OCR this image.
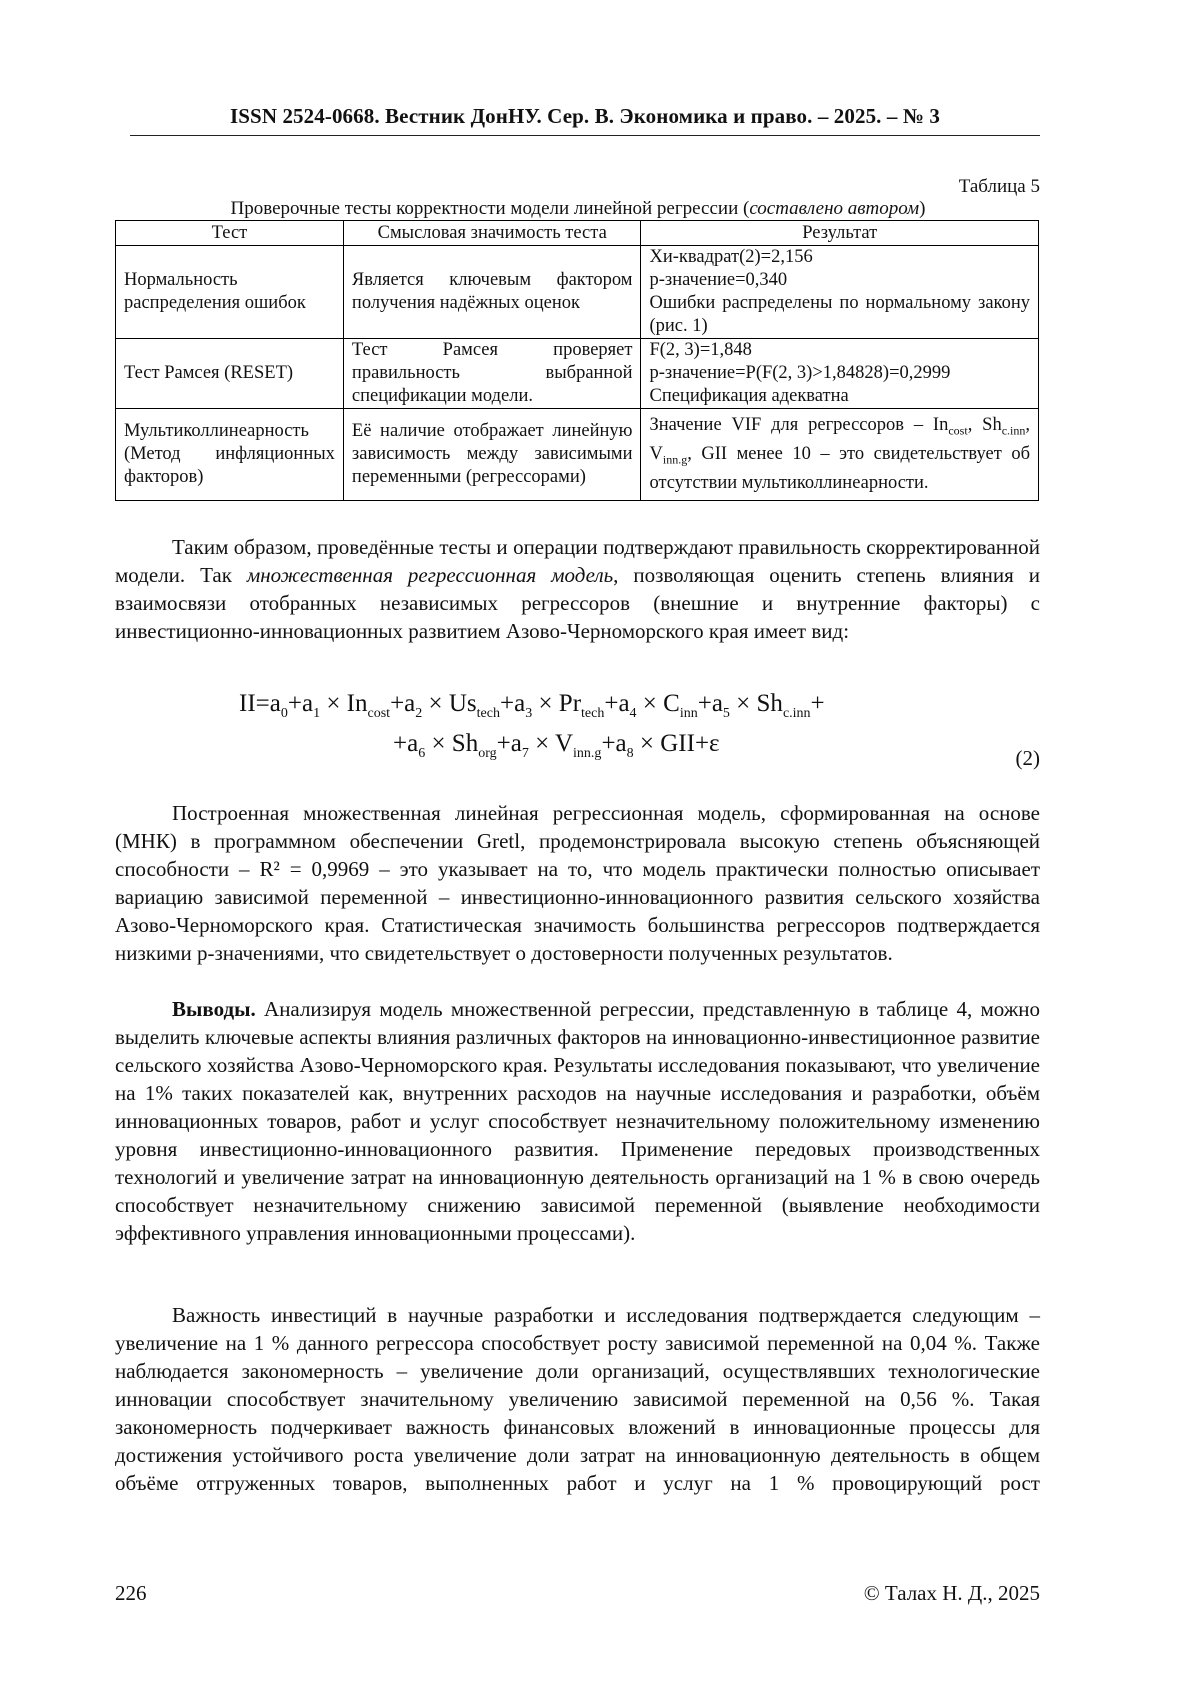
ISSN 2524-0668. Вестник ДонНУ. Сер. В. Экономика и право. – 2025. – № 3
Таблица 5
Проверочные тесты корректности модели линейной регрессии (составлено автором)
Тест	Смысловая значимость теста	Результат
Нормальность распределения ошибок	Является ключевым фактором получения надёжных оценок	Хи-квадрат(2)=2,156
p-значение=0,340
Ошибки распределены по нормальному закону (рис. 1)

Тест Рамсея (RESET)	Тест Рамсея проверяет правильность выбранной спецификации модели.	F(2, 3)=1,848
p-значение=P(F(2, 3)>1,84828)=0,2999
Спецификация адекватна

Мультиколлинеарность (Метод инфляционных факторов)	Её наличие отображает линейную зависимость между зависимыми переменными (регрессорами)	Значение VIF для регрессоров – $In_{cost}$, $Sh_{c.inn}$, $V_{inn.g}$, GII менее 10 – это свидетельствует об отсутствии мультиколлинеарности.

Таким образом, проведённые тесты и операции подтверждают правильность скорректированной модели. Так множественная регрессионная модель, позволяющая оценить степень влияния и взаимосвязи отобранных независимых регрессоров (внешние и внутренние факторы) с инвестиционно-инновационных развитием Азово-Черноморского края имеет вид:

$II=a_0+a_1 \times In_{cost}+a_2 \times Us_{tech}+a_3 \times Pr_{tech}+a_4 \times C_{inn}+a_5 \times Sh_{c.inn}+$
$+a_6 \times Sh_{org}+a_7 \times V_{inn.g}+a_8 \times GII+\varepsilon$
(2)

Построенная множественная линейная регрессионная модель, сформированная на основе (МНК) в программном обеспечении Gretl, продемонстрировала высокую степень объясняющей способности – R² = 0,9969 – это указывает на то, что модель практически полностью описывает вариацию зависимой переменной – инвестиционно-инновационного развития сельского хозяйства Азово-Черноморского края. Статистическая значимость большинства регрессоров подтверждается низкими p-значениями, что свидетельствует о достоверности полученных результатов.

Выводы. Анализируя модель множественной регрессии, представленную в таблице 4, можно выделить ключевые аспекты влияния различных факторов на инновационно-инвестиционное развитие сельского хозяйства Азово-Черноморского края. Результаты исследования показывают, что увеличение на 1% таких показателей как, внутренних расходов на научные исследования и разработки, объём инновационных товаров, работ и услуг способствует незначительному положительному изменению уровня инвестиционно-инновационного развития. Применение передовых производственных технологий и увеличение затрат на инновационную деятельность организаций на 1 % в свою очередь способствует незначительному снижению зависимой переменной (выявление необходимости эффективного управления инновационными процессами).

Важность инвестиций в научные разработки и исследования подтверждается следующим – увеличение на 1 % данного регрессора способствует росту зависимой переменной на 0,04 %. Также наблюдается закономерность – увеличение доли организаций, осуществлявших технологические инновации способствует значительному увеличению зависимой переменной на 0,56 %. Такая закономерность подчеркивает важность финансовых вложений в инновационные процессы для достижения устойчивого роста увеличение доли затрат на инновационную деятельность в общем объёме отгруженных товаров, выполненных работ и услуг на 1 % провоцирующий рост

226	© Талах Н. Д., 2025
